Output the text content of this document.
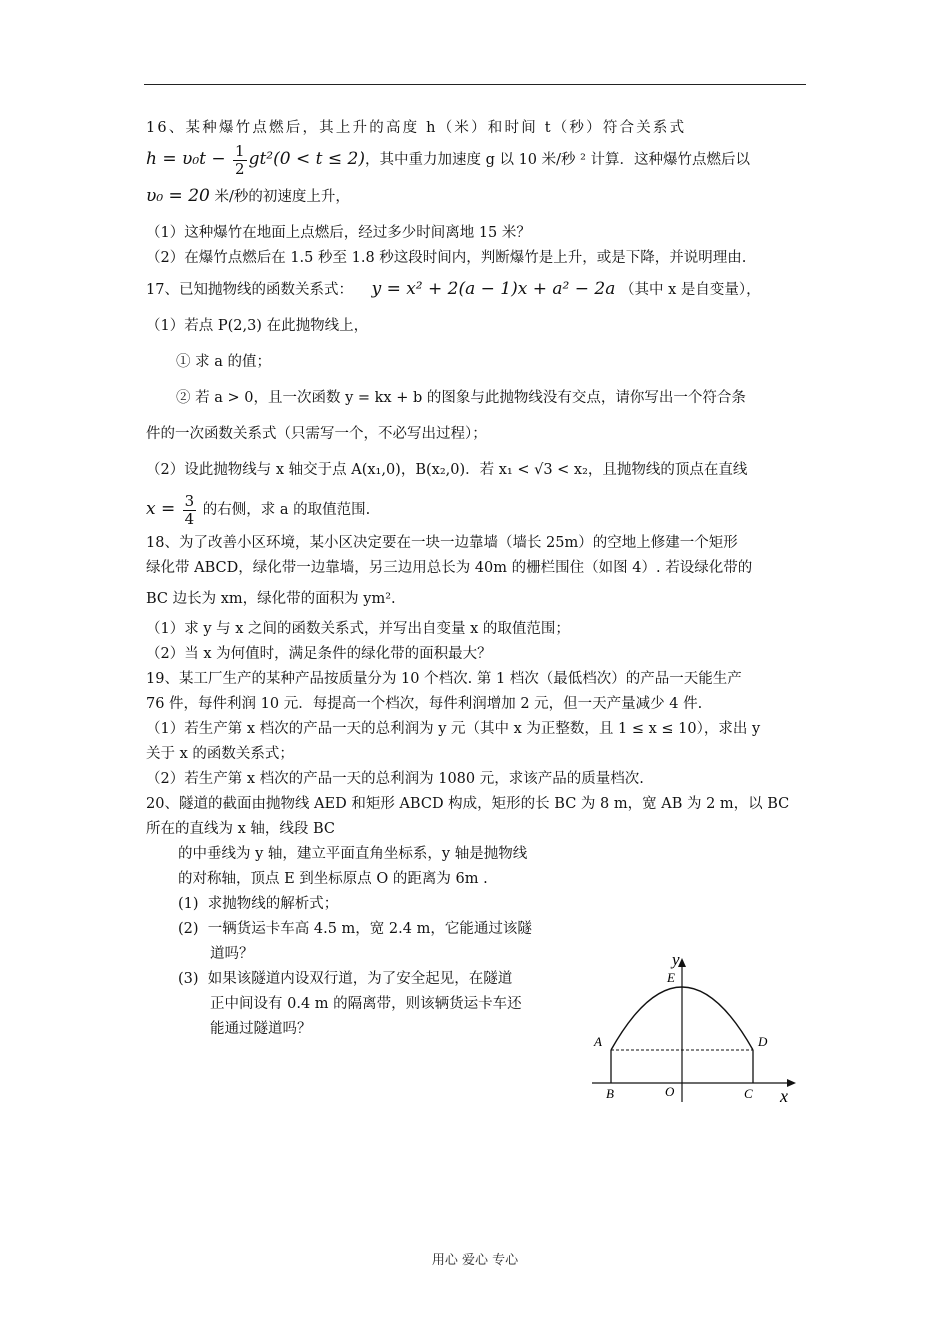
16、某种爆竹点燃后，其上升的高度 h（米）和时间 t（秒）符合关系式
$h = \upsilon_0t - \frac{1}{2} gt^2(0 < t \le 2)$，其中重力加速度 g 以 10 米/秒 ² 计算．这种爆竹点燃后以
υ₀ = 20 米/秒的初速度上升，
（1）这种爆竹在地面上点燃后，经过多少时间离地 15 米？
（2）在爆竹点燃后在 1.5 秒至 1.8 秒这段时间内，判断爆竹是上升，或是下降，并说明理由.
17、已知抛物线的函数关系式： y = x² + 2(a − 1)x + a² − 2a （其中 x 是自变量），
（1）若点 P(2,3) 在此抛物线上，
① 求 a 的值；
② 若 a > 0，且一次函数 y = kx + b 的图象与此抛物线没有交点，请你写出一个符合条
件的一次函数关系式（只需写一个，不必写出过程）；
（2）设此抛物线与 x 轴交于点 A(x₁,0)，B(x₂,0)．若 x₁ < √3 < x₂，且抛物线的顶点在直线
$x = \frac{3}{4}$ 的右侧，求 a 的取值范围.
18、为了改善小区环境，某小区决定要在一块一边靠墙（墙长 25m）的空地上修建一个矩形
绿化带 ABCD，绿化带一边靠墙，另三边用总长为 40m 的栅栏围住（如图 4）. 若设绿化带的
BC 边长为 xm，绿化带的面积为 ym².
（1）求 y 与 x 之间的函数关系式，并写出自变量 x 的取值范围；
（2）当 x 为何值时，满足条件的绿化带的面积最大？
19、某工厂生产的某种产品按质量分为 10 个档次. 第 1 档次（最低档次）的产品一天能生产
76 件，每件利润 10 元．每提高一个档次，每件利润增加 2 元，但一天产量减少 4 件.
（1）若生产第 x 档次的产品一天的总利润为 y 元（其中 x 为正整数，且 1 ≤ x ≤ 10），求出 y
关于 x 的函数关系式；
（2）若生产第 x 档次的产品一天的总利润为 1080 元，求该产品的质量档次.
20、隧道的截面由抛物线 AED 和矩形 ABCD 构成，矩形的长 BC 为 8 m，宽 AB 为 2 m，以 BC
所在的直线为 x 轴，线段 BC
的中垂线为 y 轴，建立平面直角坐标系，y 轴是抛物线
的对称轴，顶点 E 到坐标原点 O 的距离为 6m .
(1) 求抛物线的解析式；
(2) 一辆货运卡车高 4.5 m，宽 2.4 m，它能通过该隧
道吗？
(3) 如果该隧道内设双行道，为了安全起见，在隧道
正中间设有 0.4 m 的隔离带，则该辆货运卡车还
能通过隧道吗？
y
E
A	D
B	O	C x
用心 爱心 专心
